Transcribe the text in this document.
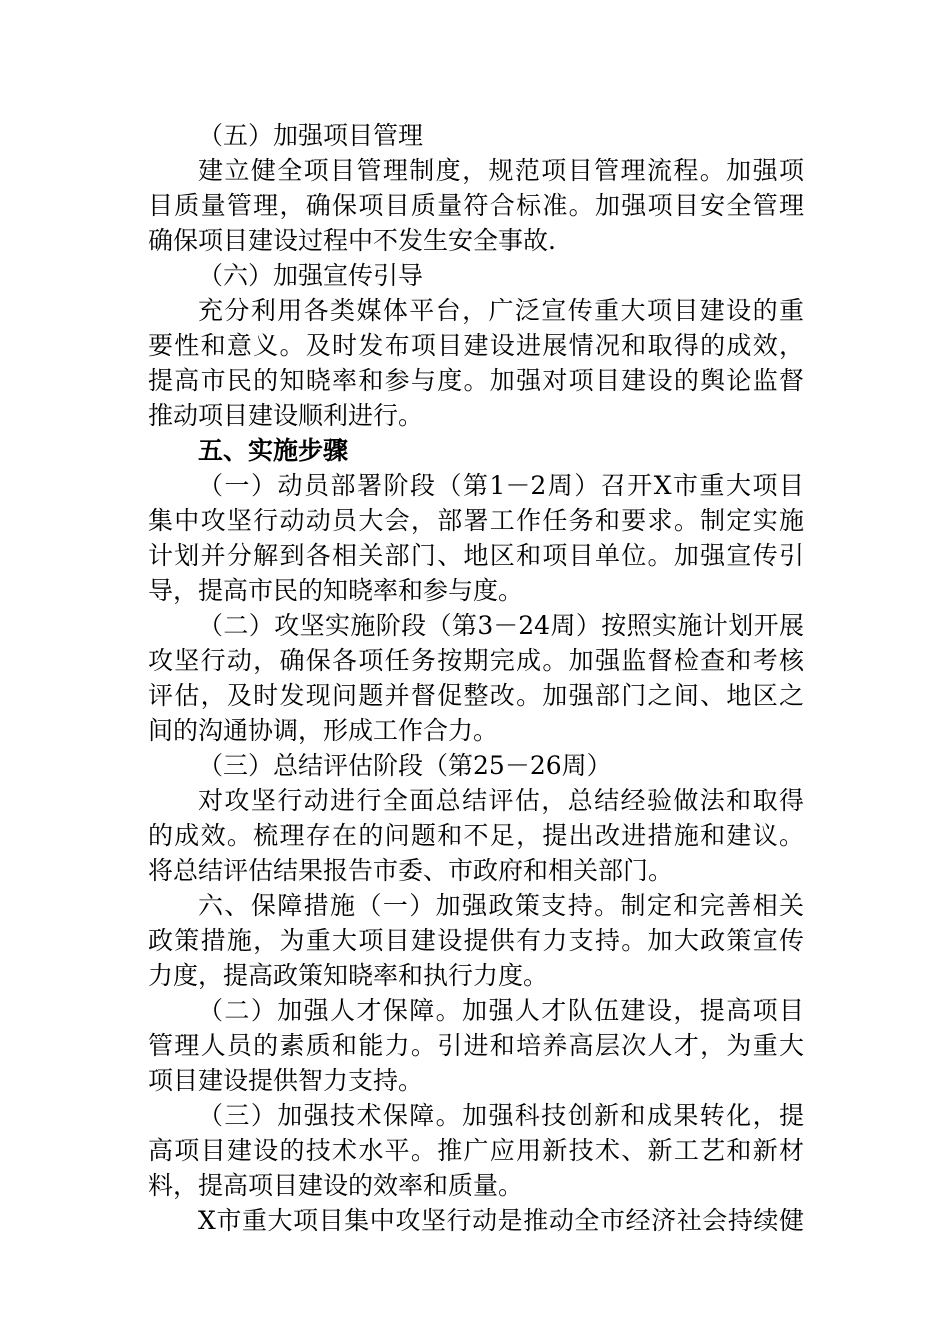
（五）加强项目管理
建立健全项目管理制度，规范项目管理流程。加强项
目质量管理，确保项目质量符合标准。加强项目安全管理
确保项目建设过程中不发生安全事故.
（六）加强宣传引导
充分利用各类媒体平台，广泛宣传重大项目建设的重
要性和意义。及时发布项目建设进展情况和取得的成效，
提高市民的知晓率和参与度。加强对项目建设的舆论监督
推动项目建设顺利进行。
五、实施步骤
（一）动员部署阶段（第1－2周）召开X市重大项目
集中攻坚行动动员大会，部署工作任务和要求。制定实施
计划并分解到各相关部门、地区和项目单位。加强宣传引
导，提高市民的知晓率和参与度。
（二）攻坚实施阶段（第3－24周）按照实施计划开展
攻坚行动，确保各项任务按期完成。加强监督检查和考核
评估，及时发现问题并督促整改。加强部门之间、地区之
间的沟通协调，形成工作合力。
（三）总结评估阶段（第25－26周）
对攻坚行动进行全面总结评估，总结经验做法和取得
的成效。梳理存在的问题和不足，提出改进措施和建议。
将总结评估结果报告市委、市政府和相关部门。
六、保障措施（一）加强政策支持。制定和完善相关
政策措施，为重大项目建设提供有力支持。加大政策宣传
力度，提高政策知晓率和执行力度。
（二）加强人才保障。加强人才队伍建设，提高项目
管理人员的素质和能力。引进和培养高层次人才，为重大
项目建设提供智力支持。
（三）加强技术保障。加强科技创新和成果转化，提
高项目建设的技术水平。推广应用新技术、新工艺和新材
料，提高项目建设的效率和质量。
X市重大项目集中攻坚行动是推动全市经济社会持续健
